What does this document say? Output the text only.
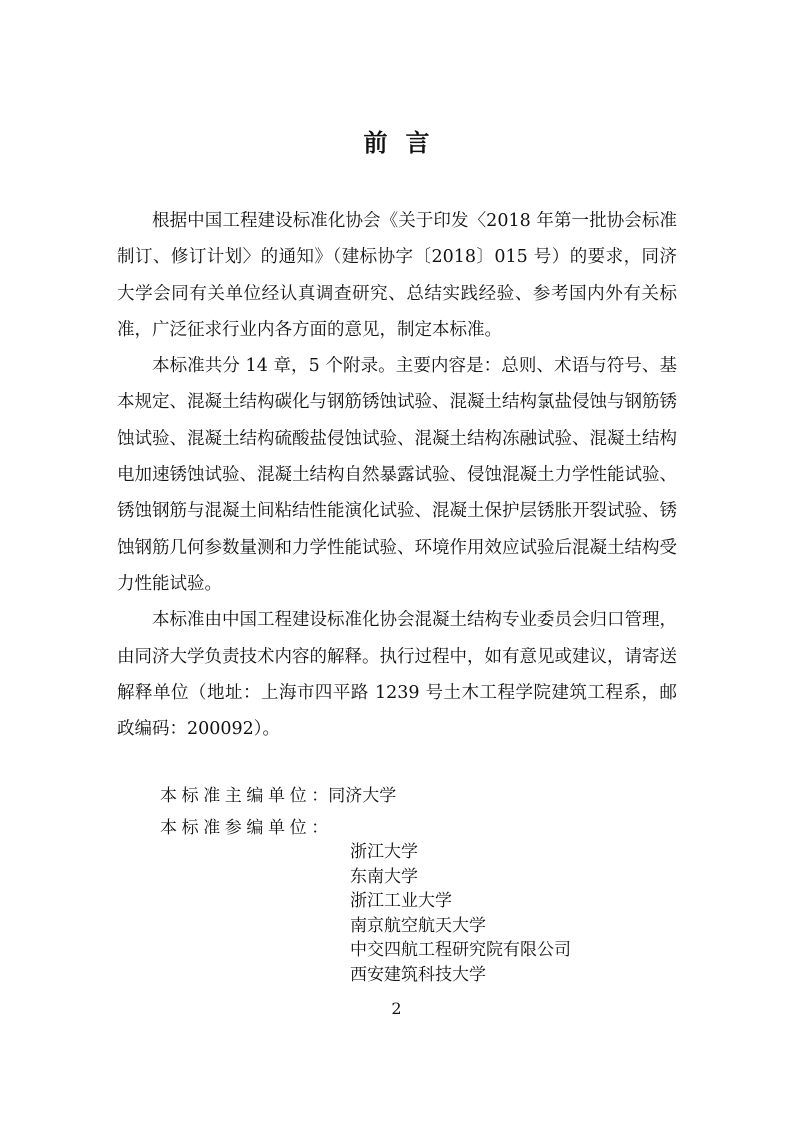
前言

根据中国工程建设标准化协会《关于印发〈2018 年第一批协会标准制订、修订计划〉的通知》（建标协字〔2018〕015 号）的要求，同济大学会同有关单位经认真调查研究、总结实践经验、参考国内外有关标准，广泛征求行业内各方面的意见，制定本标准。

本标准共分 14 章，5 个附录。主要内容是：总则、术语与符号、基本规定、混凝土结构碳化与钢筋锈蚀试验、混凝土结构氯盐侵蚀与钢筋锈蚀试验、混凝土结构硫酸盐侵蚀试验、混凝土结构冻融试验、混凝土结构电加速锈蚀试验、混凝土结构自然暴露试验、侵蚀混凝土力学性能试验、锈蚀钢筋与混凝土间粘结性能演化试验、混凝土保护层锈胀开裂试验、锈蚀钢筋几何参数量测和力学性能试验、环境作用效应试验后混凝土结构受力性能试验。

本标准由中国工程建设标准化协会混凝土结构专业委员会归口管理，由同济大学负责技术内容的解释。执行过程中，如有意见或建议，请寄送解释单位（地址：上海市四平路 1239 号土木工程学院建筑工程系，邮政编码：200092）。

本标准主编单位 ： 同济大学
本标准参编单位 ：
浙江大学
东南大学
浙江工业大学
南京航空航天大学
中交四航工程研究院有限公司
西安建筑科技大学
2
